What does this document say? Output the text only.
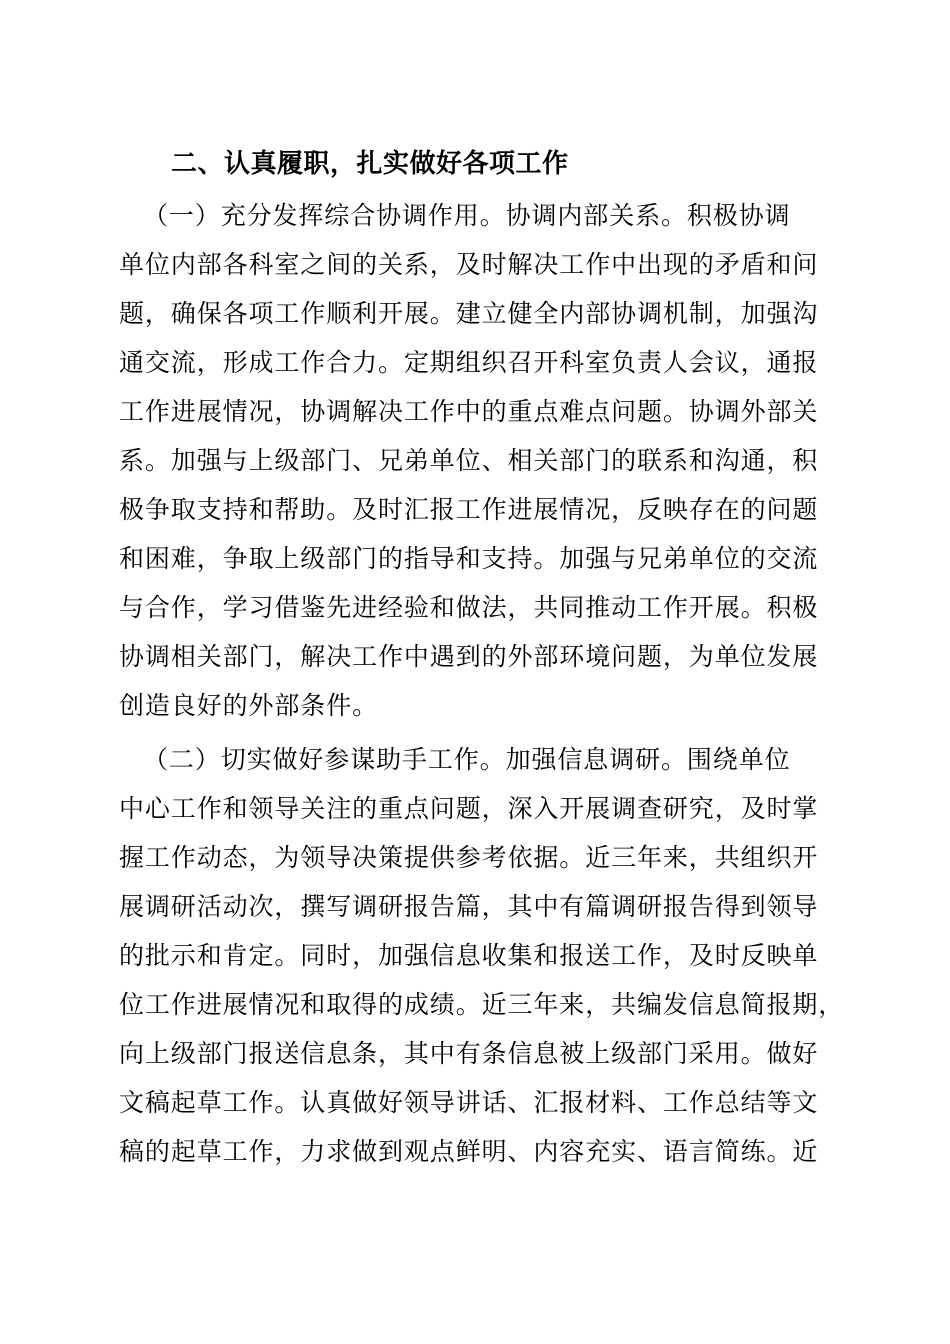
二、认真履职，扎实做好各项工作
（一）充分发挥综合协调作用。协调内部关系。积极协调
单位内部各科室之间的关系，及时解决工作中出现的矛盾和问
题，确保各项工作顺利开展。建立健全内部协调机制，加强沟
通交流，形成工作合力。定期组织召开科室负责人会议，通报
工作进展情况，协调解决工作中的重点难点问题。协调外部关
系。加强与上级部门、兄弟单位、相关部门的联系和沟通，积
极争取支持和帮助。及时汇报工作进展情况，反映存在的问题
和困难，争取上级部门的指导和支持。加强与兄弟单位的交流
与合作，学习借鉴先进经验和做法，共同推动工作开展。积极
协调相关部门，解决工作中遇到的外部环境问题，为单位发展
创造良好的外部条件。
（二）切实做好参谋助手工作。加强信息调研。围绕单位
中心工作和领导关注的重点问题，深入开展调查研究，及时掌
握工作动态，为领导决策提供参考依据。近三年来，共组织开
展调研活动次，撰写调研报告篇，其中有篇调研报告得到领导
的批示和肯定。同时，加强信息收集和报送工作，及时反映单
位工作进展情况和取得的成绩。近三年来，共编发信息简报期，
向上级部门报送信息条，其中有条信息被上级部门采用。做好
文稿起草工作。认真做好领导讲话、汇报材料、工作总结等文
稿的起草工作，力求做到观点鲜明、内容充实、语言简练。近
